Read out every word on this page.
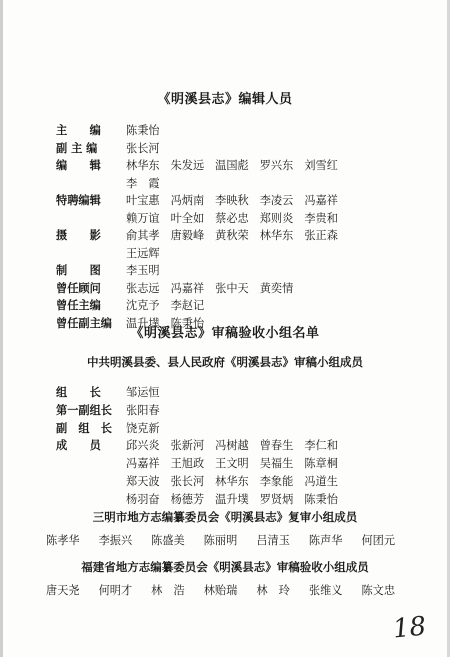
《明溪县志》编辑人员
主　　编 陈秉怡
副 主 编	张长河
编　　辑 林华东 朱发远 温国彪 罗兴东 刘雪红
李　霞
特聘编辑 叶宝惠 冯炳南 李映秋 李凌云 冯嘉祥
赖万谊 叶全如 蔡必忠 郑则炎 李贵和
摄　　影 俞其孝 唐毅峰 黄秋荣 林华东 张正森
王远辉
制　　图 李玉明
曾任顾问 张志远 冯嘉祥 张中天 黄奕情
曾任主编 沈克予 李赵记
曾任副主编 温升墣 陈秉怡
《明溪县志》审稿验收小组名单
中共明溪县委、县人民政府《明溪县志》审稿小组成员
组　　长 邹运恒
第一副组长 张阳春
副　组　长 饶克新
成　　员 邱兴炎 张新河 冯树越 曾春生 李仁和
冯嘉祥 王旭政 王文明 吴福生 陈章桐
郑天波 张长河 林华东 李象能 冯道生
杨羽奋 杨德芳 温升墣 罗贤炳 陈秉怡
三明市地方志编纂委员会《明溪县志》复审小组成员
陈孝华 李振兴 陈盛美 陈丽明 吕清玉 陈声华 何团元
福建省地方志编纂委员会《明溪县志》审稿验收小组成员
唐天尧 何明才 林　浩 林贻瑞 林　玲 张维义 陈文忠
18
